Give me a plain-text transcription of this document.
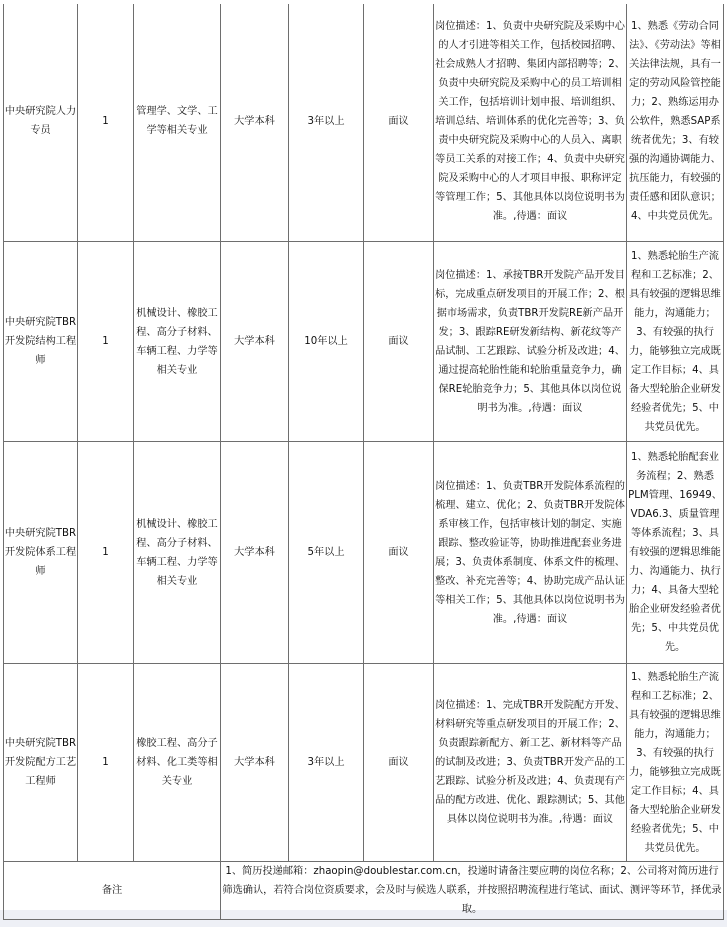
中央研究院人力专员	1	管理学、文学、工学等相关专业	大学本科	3年以上	面议	岗位描述：1、负责中央研究院及采购中心的人才引进等相关工作，包括校园招聘、社会成熟人才招聘、集团内部招聘等；2、负责中央研究院及采购中心的员工培训相关工作，包括培训计划申报、培训组织、培训总结、培训体系的优化完善等；3、负责中央研究院及采购中心的人员入、离职等员工关系的对接工作；4、负责中央研究院及采购中心的人才项目申报、职称评定等管理工作；5、其他具体以岗位说明书为准。,待遇：面议	1、熟悉《劳动合同法》、《劳动法》等相关法律法规，具有一定的劳动风险管控能力；2、熟练运用办公软件，熟悉SAP系统者优先；3、有较强的沟通协调能力、抗压能力，有较强的责任感和团队意识；4、中共党员优先。
中央研究院TBR开发院结构工程师	1	机械设计、橡胶工程、高分子材料、车辆工程、力学等相关专业	大学本科	10年以上	面议	岗位描述：1、承接TBR开发院产品开发目标，完成重点研发项目的开展工作；2、根据市场需求，负责TBR开发院RE新产品开发；3、跟踪RE研发新结构、新花纹等产品试制、工艺跟踪、试验分析及改进；4、通过提高轮胎性能和轮胎重量竞争力，确保RE轮胎竞争力；5、其他具体以岗位说明书为准。,待遇：面议	1、熟悉轮胎生产流程和工艺标准；2、具有较强的逻辑思维能力，沟通能力；3、有较强的执行力，能够独立完成既定工作目标；4、具备大型轮胎企业研发经验者优先；5、中共党员优先。
中央研究院TBR开发院体系工程师	1	机械设计、橡胶工程、高分子材料、车辆工程、力学等相关专业	大学本科	5年以上	面议	岗位描述：1、负责TBR开发院体系流程的梳理、建立、优化；2、负责TBR开发院体系审核工作，包括审核计划的制定、实施跟踪、整改验证等，协助推进配套业务进展；3、负责体系制度、体系文件的梳理、整改、补充完善等；4、协助完成产品认证等相关工作；5、其他具体以岗位说明书为准。,待遇：面议	1、熟悉轮胎配套业务流程；2、熟悉PLM管理、16949、VDA6.3、质量管理等体系流程；3、具有较强的逻辑思维能力、沟通能力、执行力；4、具备大型轮胎企业研发经验者优先；5、中共党员优先。
中央研究院TBR开发院配方工艺工程师	1	橡胶工程、高分子材料、化工类等相关专业	大学本科	3年以上	面议	岗位描述：1、完成TBR开发院配方开发、材料研究等重点研发项目的开展工作；2、负责跟踪新配方、新工艺、新材料等产品的试制及改进；3、负责TBR开发产品的工艺跟踪、试验分析及改进；4、负责现有产品的配方改进、优化、跟踪测试；5、其他具体以岗位说明书为准。,待遇：面议	1、熟悉轮胎生产流程和工艺标准；2、具有较强的逻辑思维能力，沟通能力；3、有较强的执行力，能够独立完成既定工作目标；4、具备大型轮胎企业研发经验者优先；5、中共党员优先。
备注			1、简历投递邮箱：zhaopin@doublestar.com.cn，投递时请备注要应聘的岗位名称；2、公司将对简历进行筛选确认，若符合岗位资质要求，会及时与候选人联系，并按照招聘流程进行笔试、面试、测评等环节，择优录取。				
